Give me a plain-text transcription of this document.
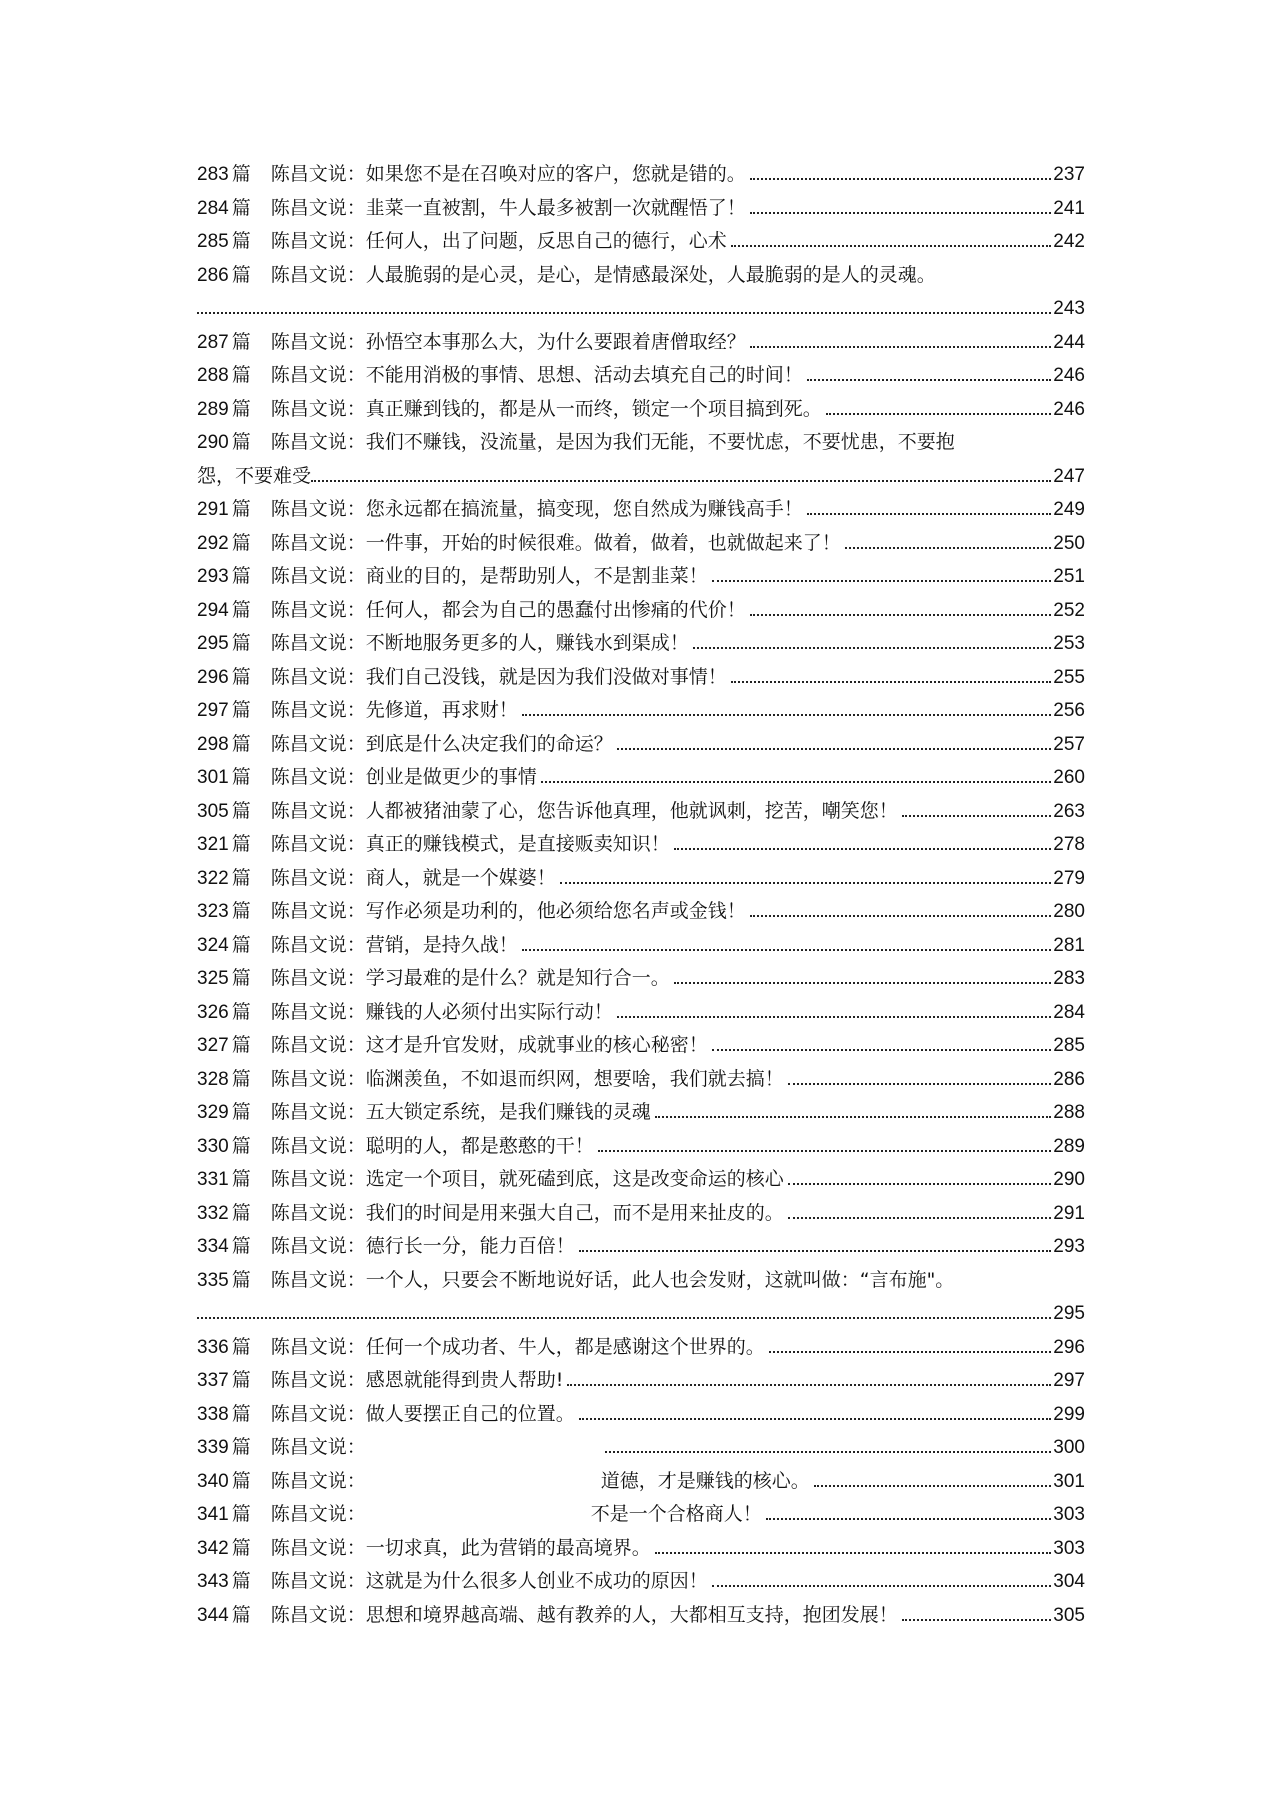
283 篇 陈昌文说：如果您不是在召唤对应的客户，您就是错的。	237
284 篇 陈昌文说：韭菜一直被割，牛人最多被割一次就醒悟了！	241
285 篇 陈昌文说：任何人，出了问题，反思自己的德行，心术	242
286 篇 陈昌文说：人最脆弱的是心灵，是心，是情感最深处，人最脆弱的是人的灵魂。
243
287 篇 陈昌文说：孙悟空本事那么大，为什么要跟着唐僧取经？	244
288 篇 陈昌文说：不能用消极的事情、思想、活动去填充自己的时间！	246
289 篇 陈昌文说：真正赚到钱的，都是从一而终，锁定一个项目搞到死。	246
290 篇 陈昌文说：我们不赚钱，没流量，是因为我们无能，不要忧虑，不要忧患，不要抱
怨，不要难受	247
291 篇 陈昌文说：您永远都在搞流量，搞变现，您自然成为赚钱高手！	249
292 篇 陈昌文说：一件事，开始的时候很难。做着，做着，也就做起来了！	250
293 篇 陈昌文说：商业的目的，是帮助别人，不是割韭菜！	251
294 篇 陈昌文说：任何人，都会为自己的愚蠢付出惨痛的代价！	252
295 篇 陈昌文说：不断地服务更多的人，赚钱水到渠成！	253
296 篇 陈昌文说：我们自己没钱，就是因为我们没做对事情！	255
297 篇 陈昌文说：先修道，再求财！	256
298 篇 陈昌文说：到底是什么决定我们的命运？	257
301 篇 陈昌文说：创业是做更少的事情	260
305 篇 陈昌文说：人都被猪油蒙了心，您告诉他真理，他就讽刺，挖苦，嘲笑您！	263
321 篇 陈昌文说：真正的赚钱模式，是直接贩卖知识！	278
322 篇 陈昌文说：商人，就是一个媒婆！	279
323 篇 陈昌文说：写作必须是功利的，他必须给您名声或金钱！	280
324 篇 陈昌文说：营销，是持久战！	281
325 篇 陈昌文说：学习最难的是什么？就是知行合一。	283
326 篇 陈昌文说：赚钱的人必须付出实际行动！	284
327 篇 陈昌文说：这才是升官发财，成就事业的核心秘密！	285
328 篇 陈昌文说：临渊羡鱼，不如退而织网，想要啥，我们就去搞！	286
329 篇 陈昌文说：五大锁定系统，是我们赚钱的灵魂	288
330 篇 陈昌文说：聪明的人，都是憨憨的干！	289
331 篇 陈昌文说：选定一个项目，就死磕到底，这是改变命运的核心	290
332 篇 陈昌文说：我们的时间是用来强大自己，而不是用来扯皮的。	291
334 篇 陈昌文说：德行长一分，能力百倍！	293
335 篇 陈昌文说：一个人，只要会不断地说好话，此人也会发财，这就叫做：“言布施"。
295
336 篇 陈昌文说：任何一个成功者、牛人，都是感谢这个世界的。	296
337 篇 陈昌文说：感恩就能得到贵人帮助!	297
338 篇 陈昌文说：做人要摆正自己的位置。	299
339 篇 陈昌文说：	300
340 篇 陈昌文说：	道德，才是赚钱的核心。	301
341 篇 陈昌文说：	不是一个合格商人！	303
342 篇 陈昌文说：一切求真，此为营销的最高境界。	303
343 篇 陈昌文说：这就是为什么很多人创业不成功的原因！	304
344 篇 陈昌文说：思想和境界越高端、越有教养的人，大都相互支持，抱团发展！	305
